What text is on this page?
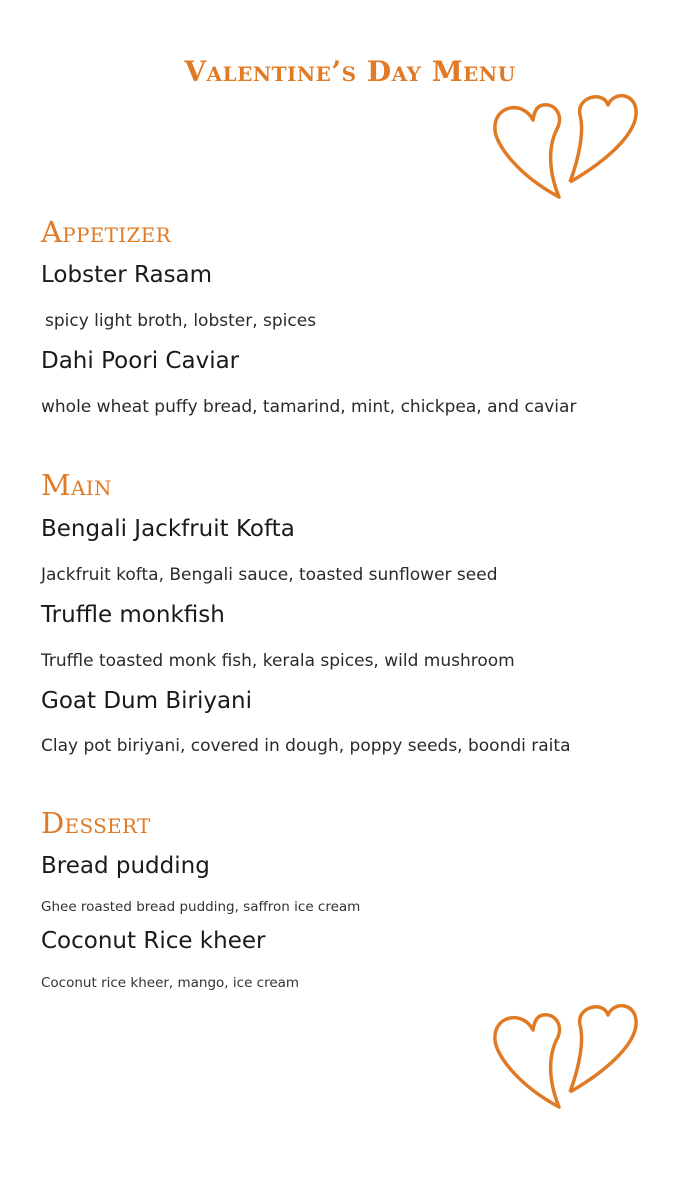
Valentine’s Day Menu
Appetizer

Lobster Rasam

spicy light broth, lobster, spices

Dahi Poori Caviar

whole wheat puffy bread, tamarind, mint, chickpea, and caviar

Main

Bengali Jackfruit Kofta

Jackfruit kofta, Bengali sauce, toasted sunflower seed

Truffle monkfish

Truffle toasted monk fish, kerala spices, wild mushroom

Goat Dum Biriyani

Clay pot biriyani, covered in dough, poppy seeds, boondi raita

Dessert

Bread pudding

Ghee roasted bread pudding, saffron ice cream

Coconut Rice kheer

Coconut rice kheer, mango, ice cream
